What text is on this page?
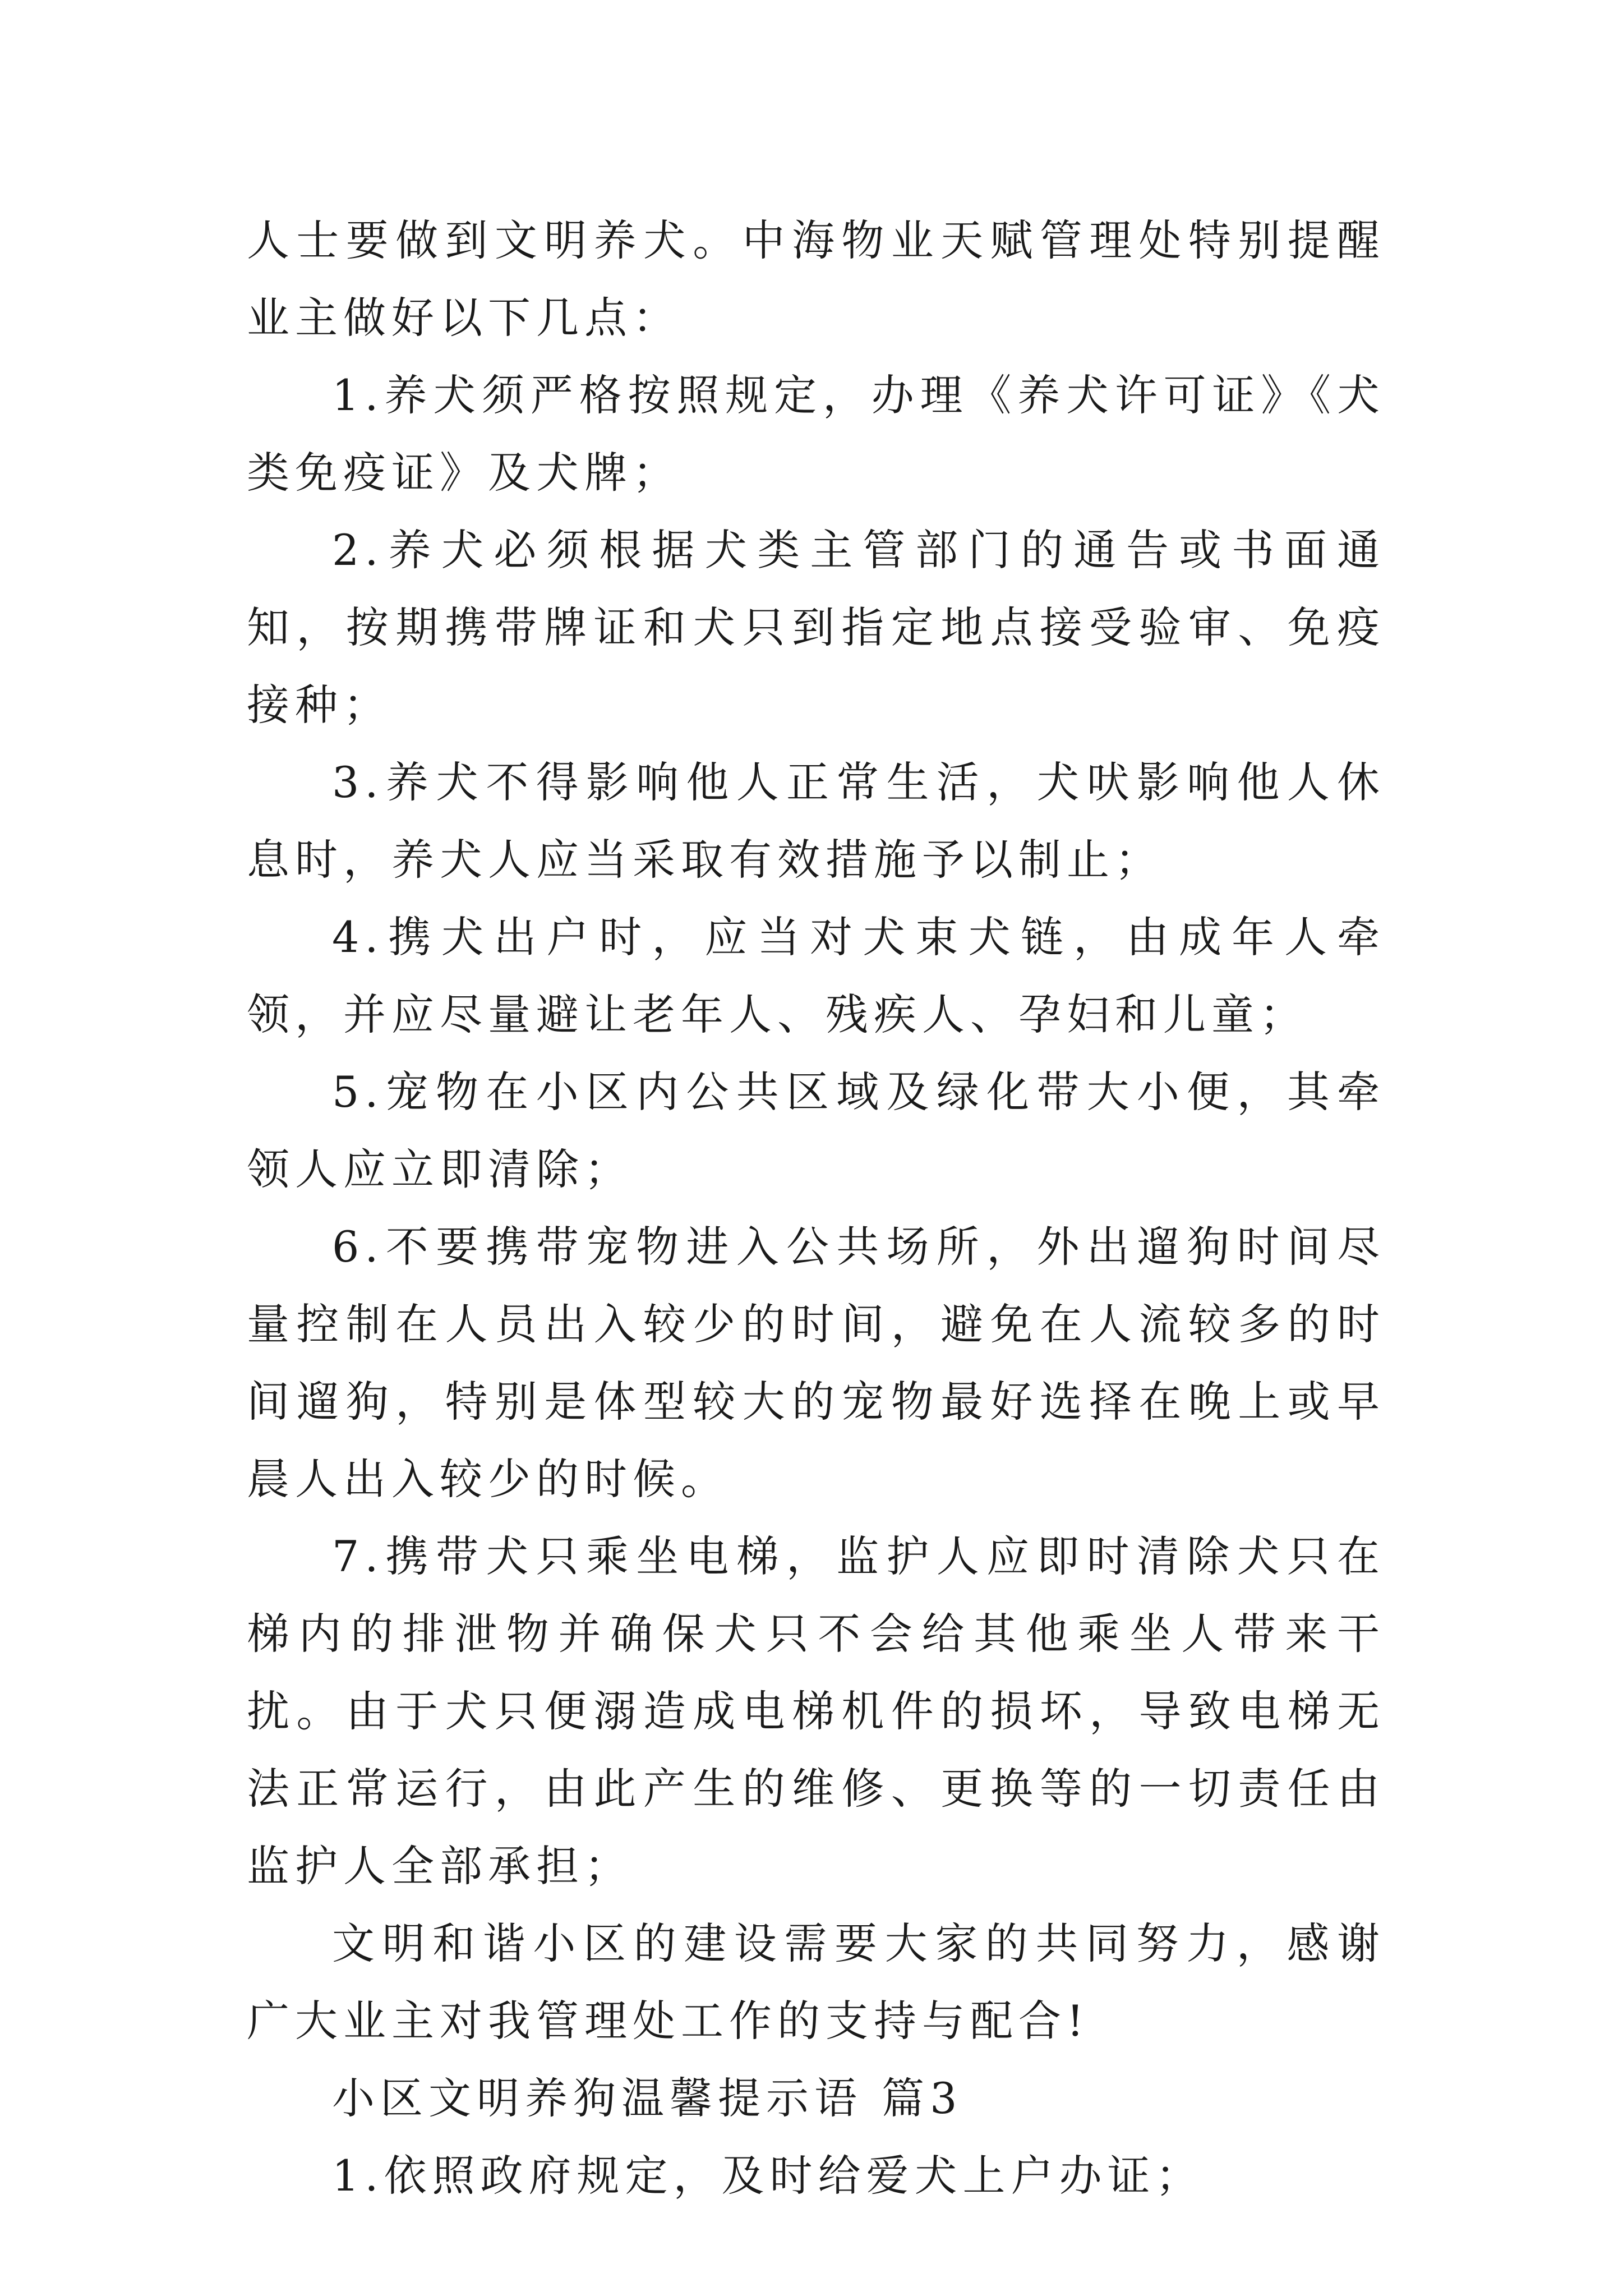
人士要做到文明养犬。中海物业天赋管理处特别提醒业主做好以下几点：

1.养犬须严格按照规定，办理《养犬许可证》《犬类免疫证》及犬牌；

2.养犬必须根据犬类主管部门的通告或书面通知，按期携带牌证和犬只到指定地点接受验审、免疫接种；

3.养犬不得影响他人正常生活，犬吠影响他人休息时，养犬人应当采取有效措施予以制止；

4.携犬出户时，应当对犬束犬链，由成年人牵领，并应尽量避让老年人、残疾人、孕妇和儿童；

5.宠物在小区内公共区域及绿化带大小便，其牵领人应立即清除；

6.不要携带宠物进入公共场所，外出遛狗时间尽量控制在人员出入较少的时间，避免在人流较多的时间遛狗，特别是体型较大的宠物最好选择在晚上或早晨人出入较少的时候。

7.携带犬只乘坐电梯，监护人应即时清除犬只在梯内的排泄物并确保犬只不会给其他乘坐人带来干扰。由于犬只便溺造成电梯机件的损坏，导致电梯无法正常运行，由此产生的维修、更换等的一切责任由监护人全部承担；

文明和谐小区的建设需要大家的共同努力，感谢广大业主对我管理处工作的支持与配合!

小区文明养狗温馨提示语 篇3

1.依照政府规定，及时给爱犬上户办证；
